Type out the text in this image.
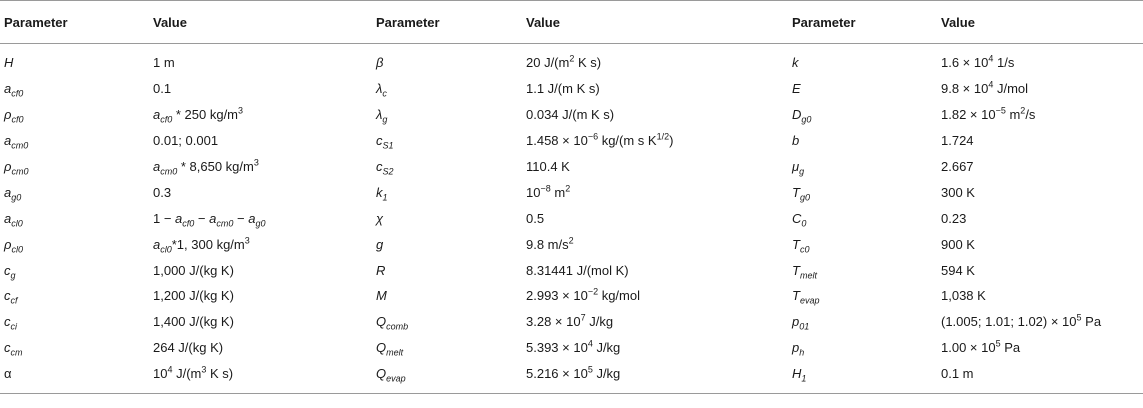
Parameter	Value	Parameter	Value	Parameter	Value
H	1 m	β	20 $J/(m^2$ K s)	k	$1.6 \times 10^4$ 1/s
$a_{cf0}$	0.1	$\lambda_c$	1.1 J/(m K s)	E	$9.8 \times 10^4$ J/mol
$\rho_{cf0}$	$a_{cf0} * 250$ $kg/m^3$	$\lambda_g$	0.034 J/(m K s)	$D_{g0}$	$1.82 \times 10^{-5}$ $m^2/s$
$a_{cm0}$	0.01; 0.001	$c_{S1}$	$1.458 \times 10^{-6}$ kg/(m s $K^{1/2}$)	b	1.724
$\rho_{cm0}$	$a_{cm0} * 8,650$ $kg/m^3$	$c_{S2}$	110.4 K	$\mu_g$	2.667
$a_{g0}$	0.3	$k_1$	$10^{-8}$ $m^2$	$T_{g0}$	300 K
$a_{cl0}$	$1 - a_{cf0} - a_{cm0} - a_{g0}$	χ	0.5	$C_0$	0.23
$\rho_{cl0}$	$a_{cl0}*1$, 300 $kg/m^3$	g	9.8 $m/s^2$	$T_{c0}$	900 K
$c_g$	1,000 J/(kg K)	R	8.31441 J/(mol K)	$T_{melt}$	594 K
$c_{cf}$	1,200 J/(kg K)	M	$2.993 \times 10^{-2}$ kg/mol	$T_{evap}$	1,038 K
$c_{ci}$	1,400 J/(kg K)	$Q_{comb}$	$3.28 \times 10^7$ J/kg	$p_{01}$	(1.005; 1.01; $1.02) \times 10^5$ Pa
$c_{cm}$	264 J/(kg K)	$Q_{melt}$	$5.393 \times 10^4$ J/kg	$p_h$	$1.00 \times 10^5$ Pa
α	$10^4$ $J/(m^3$ K s)	$Q_{evap}$	$5.216 \times 10^5$ J/kg	$H_1$	0.1 m
